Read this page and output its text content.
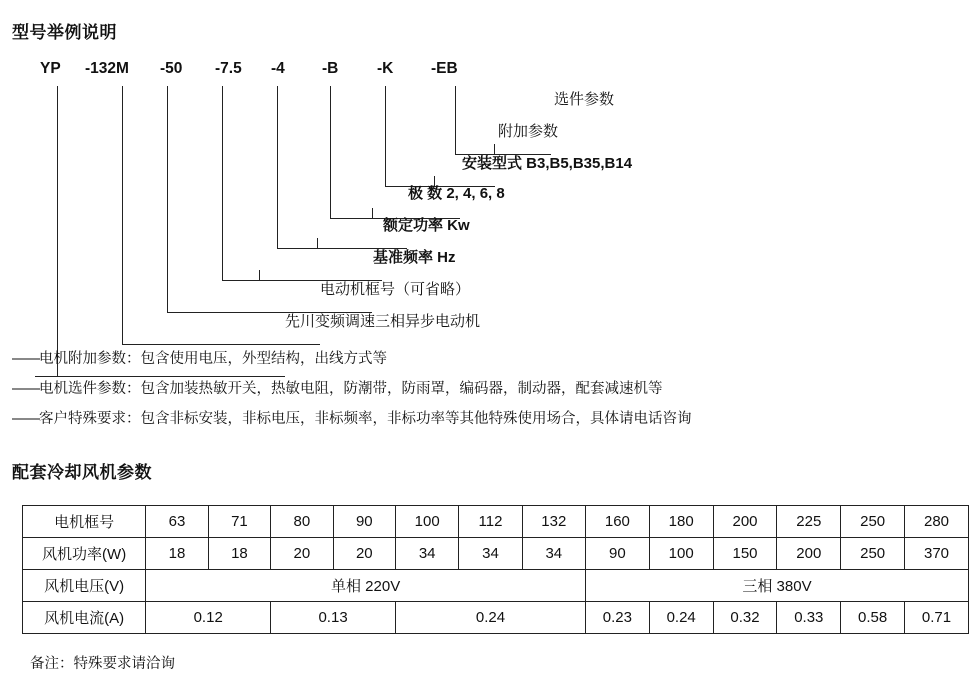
型号举例说明
YP -132M -50 -7.5 -4 -B -K -EB
选件参数
附加参数
安装型式 B3,B5,B35,B14
极 数 2, 4, 6, 8
额定功率 Kw
基准频率 Hz
电动机框号（可省略）
先川变频调速三相异步电动机
——电机附加参数：包含使用电压，外型结构，出线方式等
——电机选件参数：包含加装热敏开关，热敏电阻，防潮带，防雨罩，编码器，制动器，配套减速机等
——客户特殊要求：包含非标安装，非标电压，非标频率，非标功率等其他特殊使用场合，具体请电话咨询
配套冷却风机参数
电机框号	63	71	80	90	100	112	132	160	180	200	225	250	280
风机功率(W)	18	18	20	20	34	34	34	90	100	150	200	250	370
风机电压(V)	单相 220V							三相 380V					
风机电流(A)	0.12		0.13		0.24			0.23	0.24	0.32	0.33	0.58	0.71
备注：特殊要求请洽询
